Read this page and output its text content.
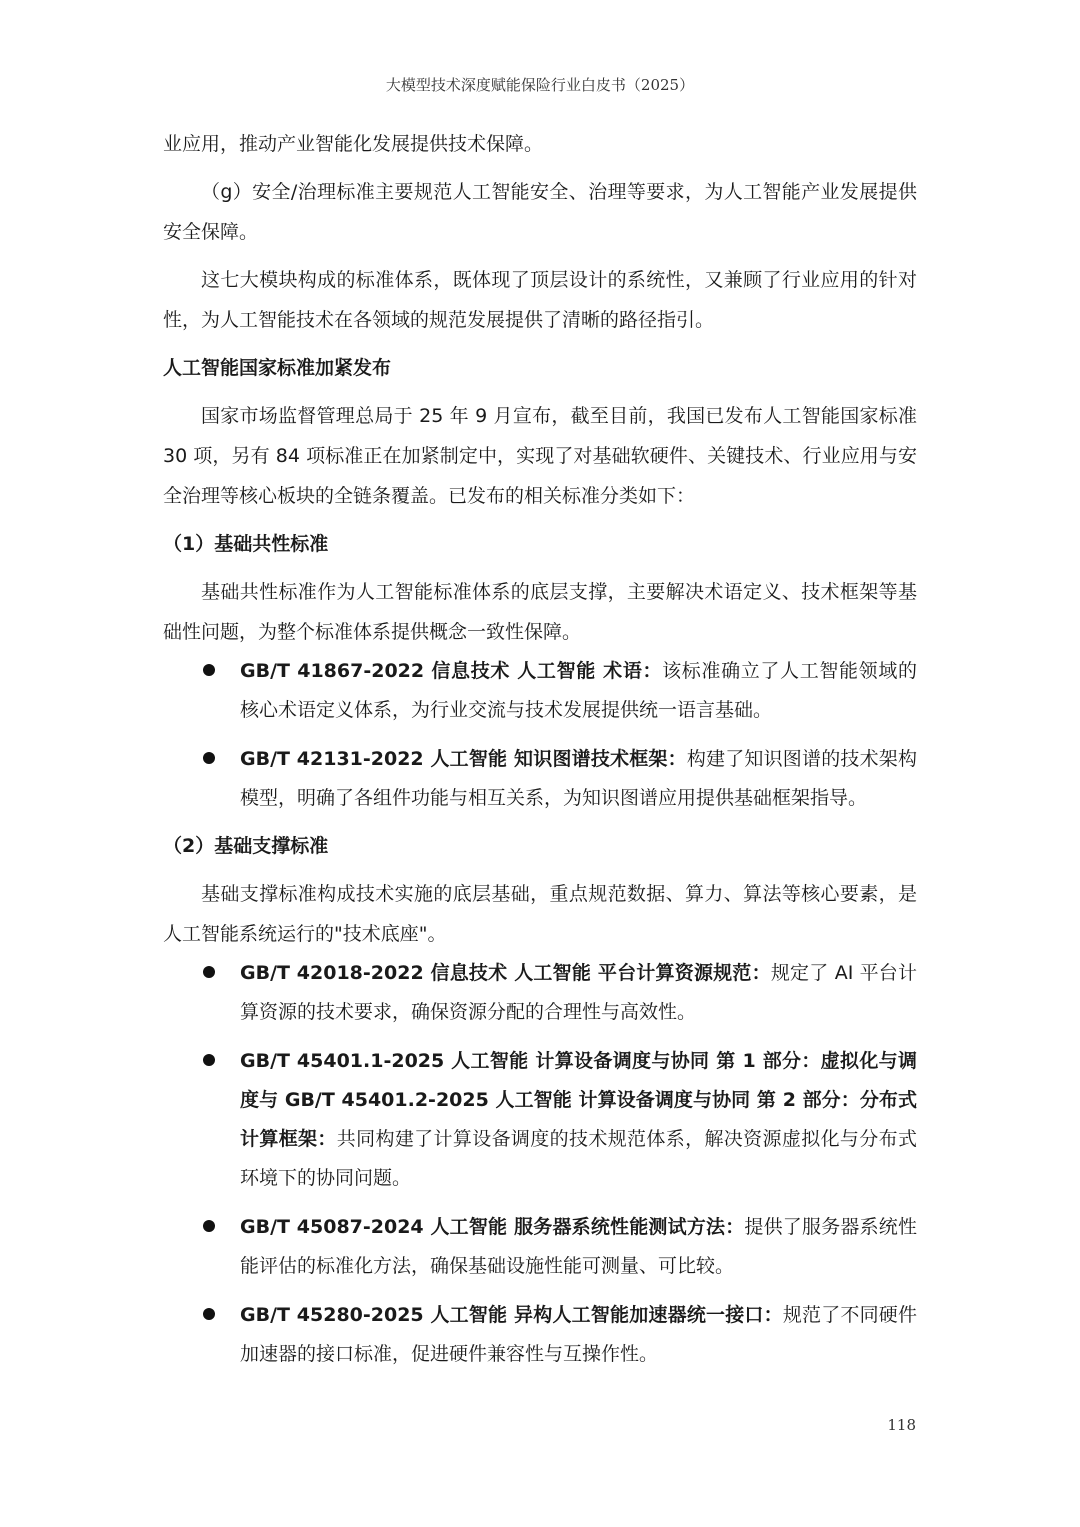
大模型技术深度赋能保险行业白皮书（2025）

业应用，推动产业智能化发展提供技术保障。

（g）安全/治理标准主要规范人工智能安全、治理等要求，为人工智能产业发展提供安全保障。

这七大模块构成的标准体系，既体现了顶层设计的系统性，又兼顾了行业应用的针对性，为人工智能技术在各领域的规范发展提供了清晰的路径指引。

人工智能国家标准加紧发布

国家市场监督管理总局于 25 年 9 月宣布，截至目前，我国已发布人工智能国家标准 30 项，另有 84 项标准正在加紧制定中，实现了对基础软硬件、关键技术、行业应用与安全治理等核心板块的全链条覆盖。已发布的相关标准分类如下：

（1）基础共性标准

基础共性标准作为人工智能标准体系的底层支撑，主要解决术语定义、技术框架等基础性问题，为整个标准体系提供概念一致性保障。

GB/T 41867-2022 信息技术 人工智能 术语：该标准确立了人工智能领域的核心术语定义体系，为行业交流与技术发展提供统一语言基础。
GB/T 42131-2022 人工智能 知识图谱技术框架：构建了知识图谱的技术架构模型，明确了各组件功能与相互关系，为知识图谱应用提供基础框架指导。
（2）基础支撑标准

基础支撑标准构成技术实施的底层基础，重点规范数据、算力、算法等核心要素，是人工智能系统运行的"技术底座"。

GB/T 42018-2022 信息技术 人工智能 平台计算资源规范：规定了 AI 平台计算资源的技术要求，确保资源分配的合理性与高效性。
GB/T 45401.1-2025 人工智能 计算设备调度与协同 第 1 部分：虚拟化与调度与 GB/T 45401.2-2025 人工智能 计算设备调度与协同 第 2 部分：分布式计算框架：共同构建了计算设备调度的技术规范体系，解决资源虚拟化与分布式环境下的协同问题。
GB/T 45087-2024 人工智能 服务器系统性能测试方法：提供了服务器系统性能评估的标准化方法，确保基础设施性能可测量、可比较。
GB/T 45280-2025 人工智能 异构人工智能加速器统一接口：规范了不同硬件加速器的接口标准，促进硬件兼容性与互操作性。
118
